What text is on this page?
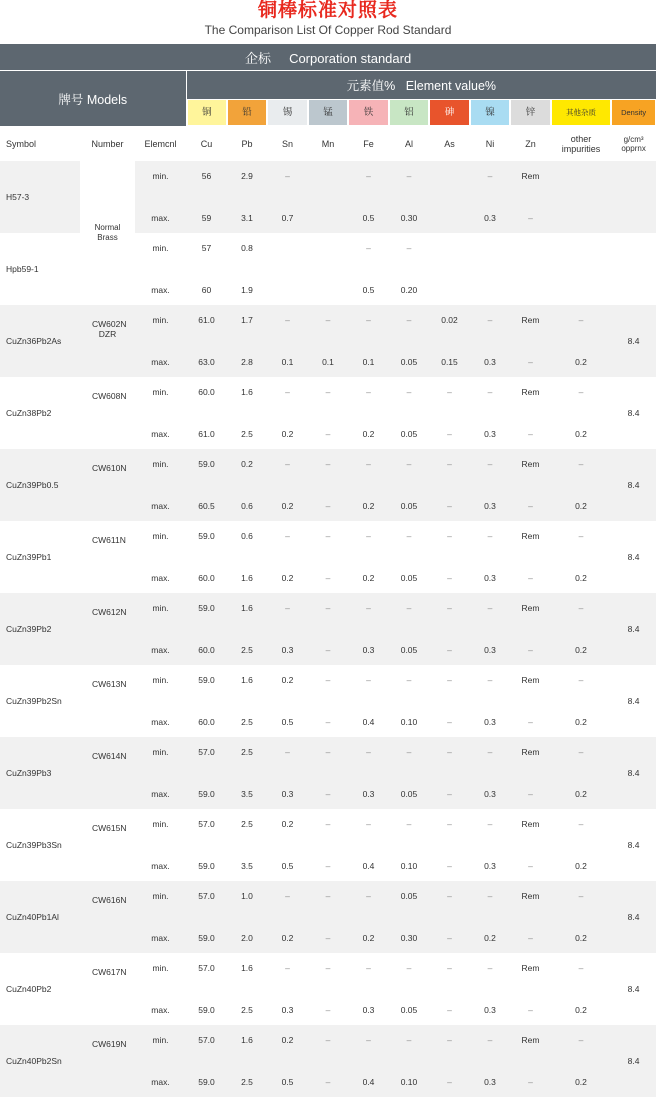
铜棒标准对照表
The Comparison List Of Copper Rod Standard
企标 Corporation standard													
牌号 Models			元素值%   Element value%										

			铜	铅	锡	锰	铁	铝	砷	镍	锌	其他杂质	Density

Symbol	Number	Elemcnl	Cu	Pb	Sn	Mn	Fe	Al	As	Ni	Zn	other impurities	g/cm³
opprnx

H57-3	Normal Brass	min.	56	2.9	–		–	–		–	Rem		
		max.	59	3.1	0.7		0.5	0.30		0.3	–		
Hpb59-1		min.	57	0.8			–	–					
		max.	60	1.9			0.5	0.20					
CuZn36Pb2As	CW602N DZR	min.	61.0	1.7	–	–	–	–	0.02	–	Rem	–	8.4
		max.	63.0	2.8	0.1	0.1	0.1	0.05	0.15	0.3	–	0.2	
CuZn38Pb2	CW608N	min.	60.0	1.6	–	–	–	–	–	–	Rem	–	8.4
		max.	61.0	2.5	0.2	–	0.2	0.05	–	0.3	–	0.2	
CuZn39Pb0.5	CW610N	min.	59.0	0.2	–	–	–	–	–	–	Rem	–	8.4
		max.	60.5	0.6	0.2	–	0.2	0.05	–	0.3	–	0.2	
CuZn39Pb1	CW611N	min.	59.0	0.6	–	–	–	–	–	–	Rem	–	8.4
		max.	60.0	1.6	0.2	–	0.2	0.05	–	0.3	–	0.2	
CuZn39Pb2	CW612N	min.	59.0	1.6	–	–	–	–	–	–	Rem	–	8.4
		max.	60.0	2.5	0.3	–	0.3	0.05	–	0.3	–	0.2	
CuZn39Pb2Sn	CW613N	min.	59.0	1.6	0.2	–	–	–	–	–	Rem	–	8.4
		max.	60.0	2.5	0.5	–	0.4	0.10	–	0.3	–	0.2	
CuZn39Pb3	CW614N	min.	57.0	2.5	–	–	–	–	–	–	Rem	–	8.4
		max.	59.0	3.5	0.3	–	0.3	0.05	–	0.3	–	0.2	
CuZn39Pb3Sn	CW615N	min.	57.0	2.5	0.2	–	–	–	–	–	Rem	–	8.4
		max.	59.0	3.5	0.5	–	0.4	0.10	–	0.3	–	0.2	
CuZn40Pb1Al	CW616N	min.	57.0	1.0	–	–	–	0.05	–	–	Rem	–	8.4
		max.	59.0	2.0	0.2	–	0.2	0.30	–	0.2	–	0.2	
CuZn40Pb2	CW617N	min.	57.0	1.6	–	–	–	–	–	–	Rem	–	8.4
		max.	59.0	2.5	0.3	–	0.3	0.05	–	0.3	–	0.2	
CuZn40Pb2Sn	CW619N	min.	57.0	1.6	0.2	–	–	–	–	–	Rem	–	8.4
		max.	59.0	2.5	0.5	–	0.4	0.10	–	0.3	–	0.2	
